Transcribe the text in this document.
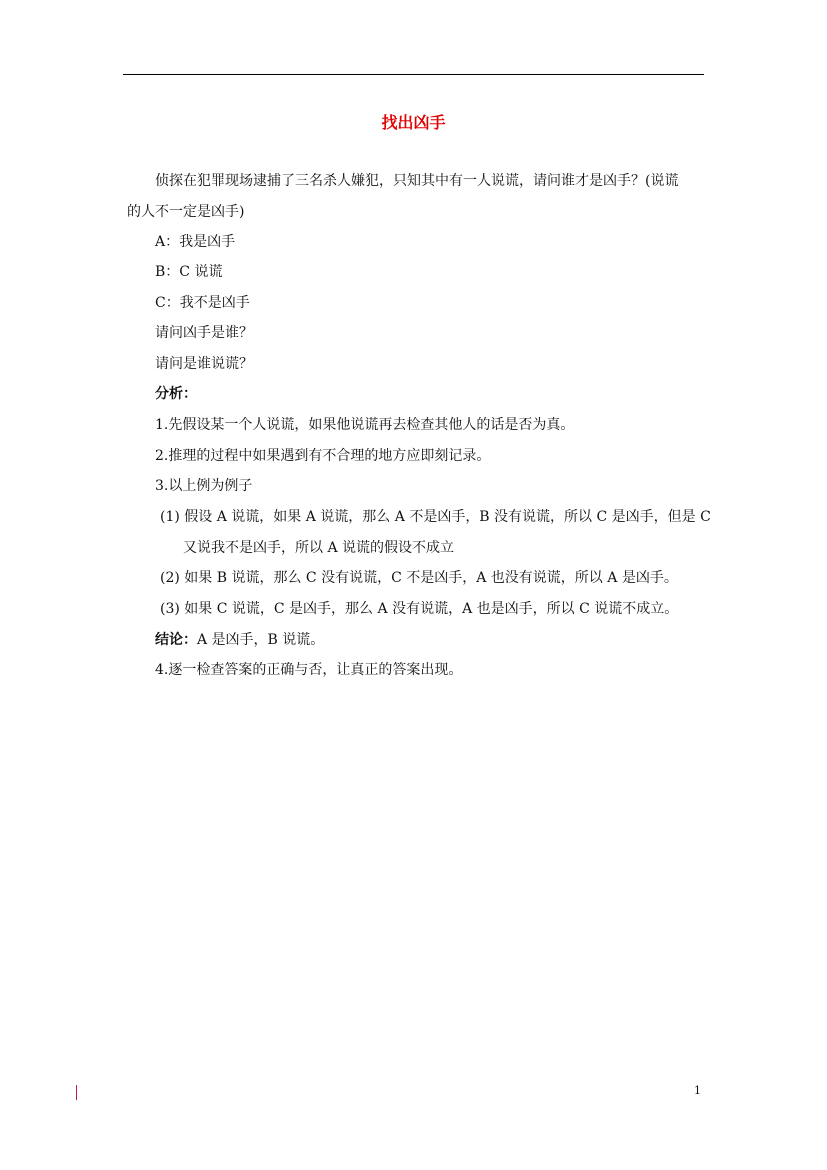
找出凶手
侦探在犯罪现场逮捕了三名杀人嫌犯，只知其中有一人说谎，请问谁才是凶手？(说谎
的人不一定是凶手)
A：我是凶手
B：C 说谎
C：我不是凶手
请问凶手是谁？
请问是谁说谎？
分析：
1.先假设某一个人说谎，如果他说谎再去检查其他人的话是否为真。
2.推理的过程中如果遇到有不合理的地方应即刻记录。
3.以上例为例子
(1) 假设 A 说谎，如果 A 说谎，那么 A 不是凶手，B 没有说谎，所以 C 是凶手，但是 C
又说我不是凶手，所以 A 说谎的假设不成立
(2) 如果 B 说谎，那么 C 没有说谎，C 不是凶手，A 也没有说谎，所以 A 是凶手。
(3) 如果 C 说谎，C 是凶手，那么 A 没有说谎，A 也是凶手，所以 C 说谎不成立。
结论：A 是凶手，B 说谎。
4.逐一检查答案的正确与否，让真正的答案出现。
1
